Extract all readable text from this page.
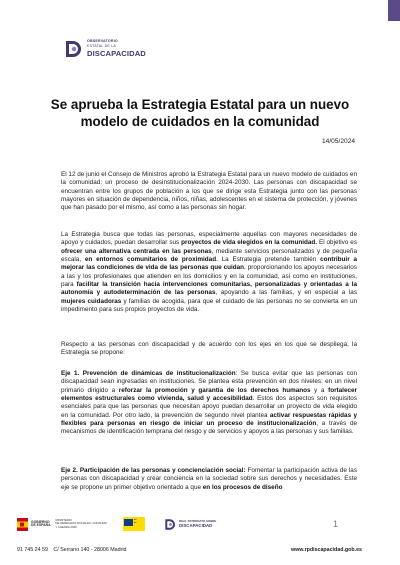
OBSERVATORIO
ESTATAL DE LA
DISCAPACIDAD
Se aprueba la Estrategia Estatal para un nuevo modelo de cuidados en la comunidad
14/05/2024

El 12 de junio el Consejo de Ministros aprobó la Estrategia Estatal para un nuevo modelo de cuidados en la comunidad: un proceso de desinstitucionalización 2024-2030. Las personas con discapacidad se encuentran entre los grupos de población a los que se dirige esta Estrategia junto con las personas mayores en situación de dependencia, niños, niñas, adolescentes en el sistema de protección, y jóvenes que han pasado por el mismo, así como a las personas sin hogar.

La Estrategia busca que todas las personas, especialmente aquellas con mayores necesidades de apoyo y cuidados, puedan desarrollar sus proyectos de vida elegidos en la comunidad. El objetivo es ofrecer una alternativa centrada en las personas, mediante servicios personalizados y de pequeña escala, en entornos comunitarios de proximidad. La Estrategia pretende también contribuir a mejorar las condiciones de vida de las personas que cuidan, proporcionando los apoyos necesarios a las y los profesionales que atienden en los domicilios y en la comunidad, así como en instituciones, para facilitar la transición hacia intervenciones comunitarias, personalizadas y orientadas a la autonomía y autodeterminación de las personas, apoyando a las familias, y en especial a las mujeres cuidadoras y familias de acogida, para que el cuidado de las personas no se convierta en un impedimento para sus propios proyectos de vida.

Respecto a las personas con discapacidad y de acuerdo con los ejes en los que se despliega, la Estrategia se propone:

Eje 1. Prevención de dinámicas de institucionalización: Se busca evitar que las personas con discapacidad sean ingresadas en instituciones. Se plantea esta prevención en dos niveles: en un nivel primario dirigido a reforzar la promoción y garantía de los derechos humanos y a fortalecer elementos estructurales como vivienda, salud y accesibilidad. Estos dos aspectos son requisitos esenciales para que las personas que necesitan apoyo puedan desarrollar un proyecto de vida elegido en la comunidad. Por otro lado, la prevención de segundo nivel plantea activar respuestas rápidas y flexibles para personas en riesgo de iniciar un proceso de institucionalización, a través de mecanismos de identificación temprana del riesgo y de servicios y apoyos a las personas y sus familias.

Eje 2. Participación de las personas y concienciación social: Fomentar la participación activa de las personas con discapacidad y crear conciencia en la sociedad sobre sus derechos y necesidades. Este eje se propone un primer objetivo orientado a que en los procesos de diseño

GOBIERNO
DE ESPAÑA
MINISTERIO
DE DERECHOS SOCIALES, CONSUMO
Y AGENDA 2030
●●
●●	REAL PATRONATO SOBRE
DISCAPACIDAD	1
91 745 24 59 C/ Serrano 140 - 28006 Madrid	www.rpdiscapacidad.gob.es
